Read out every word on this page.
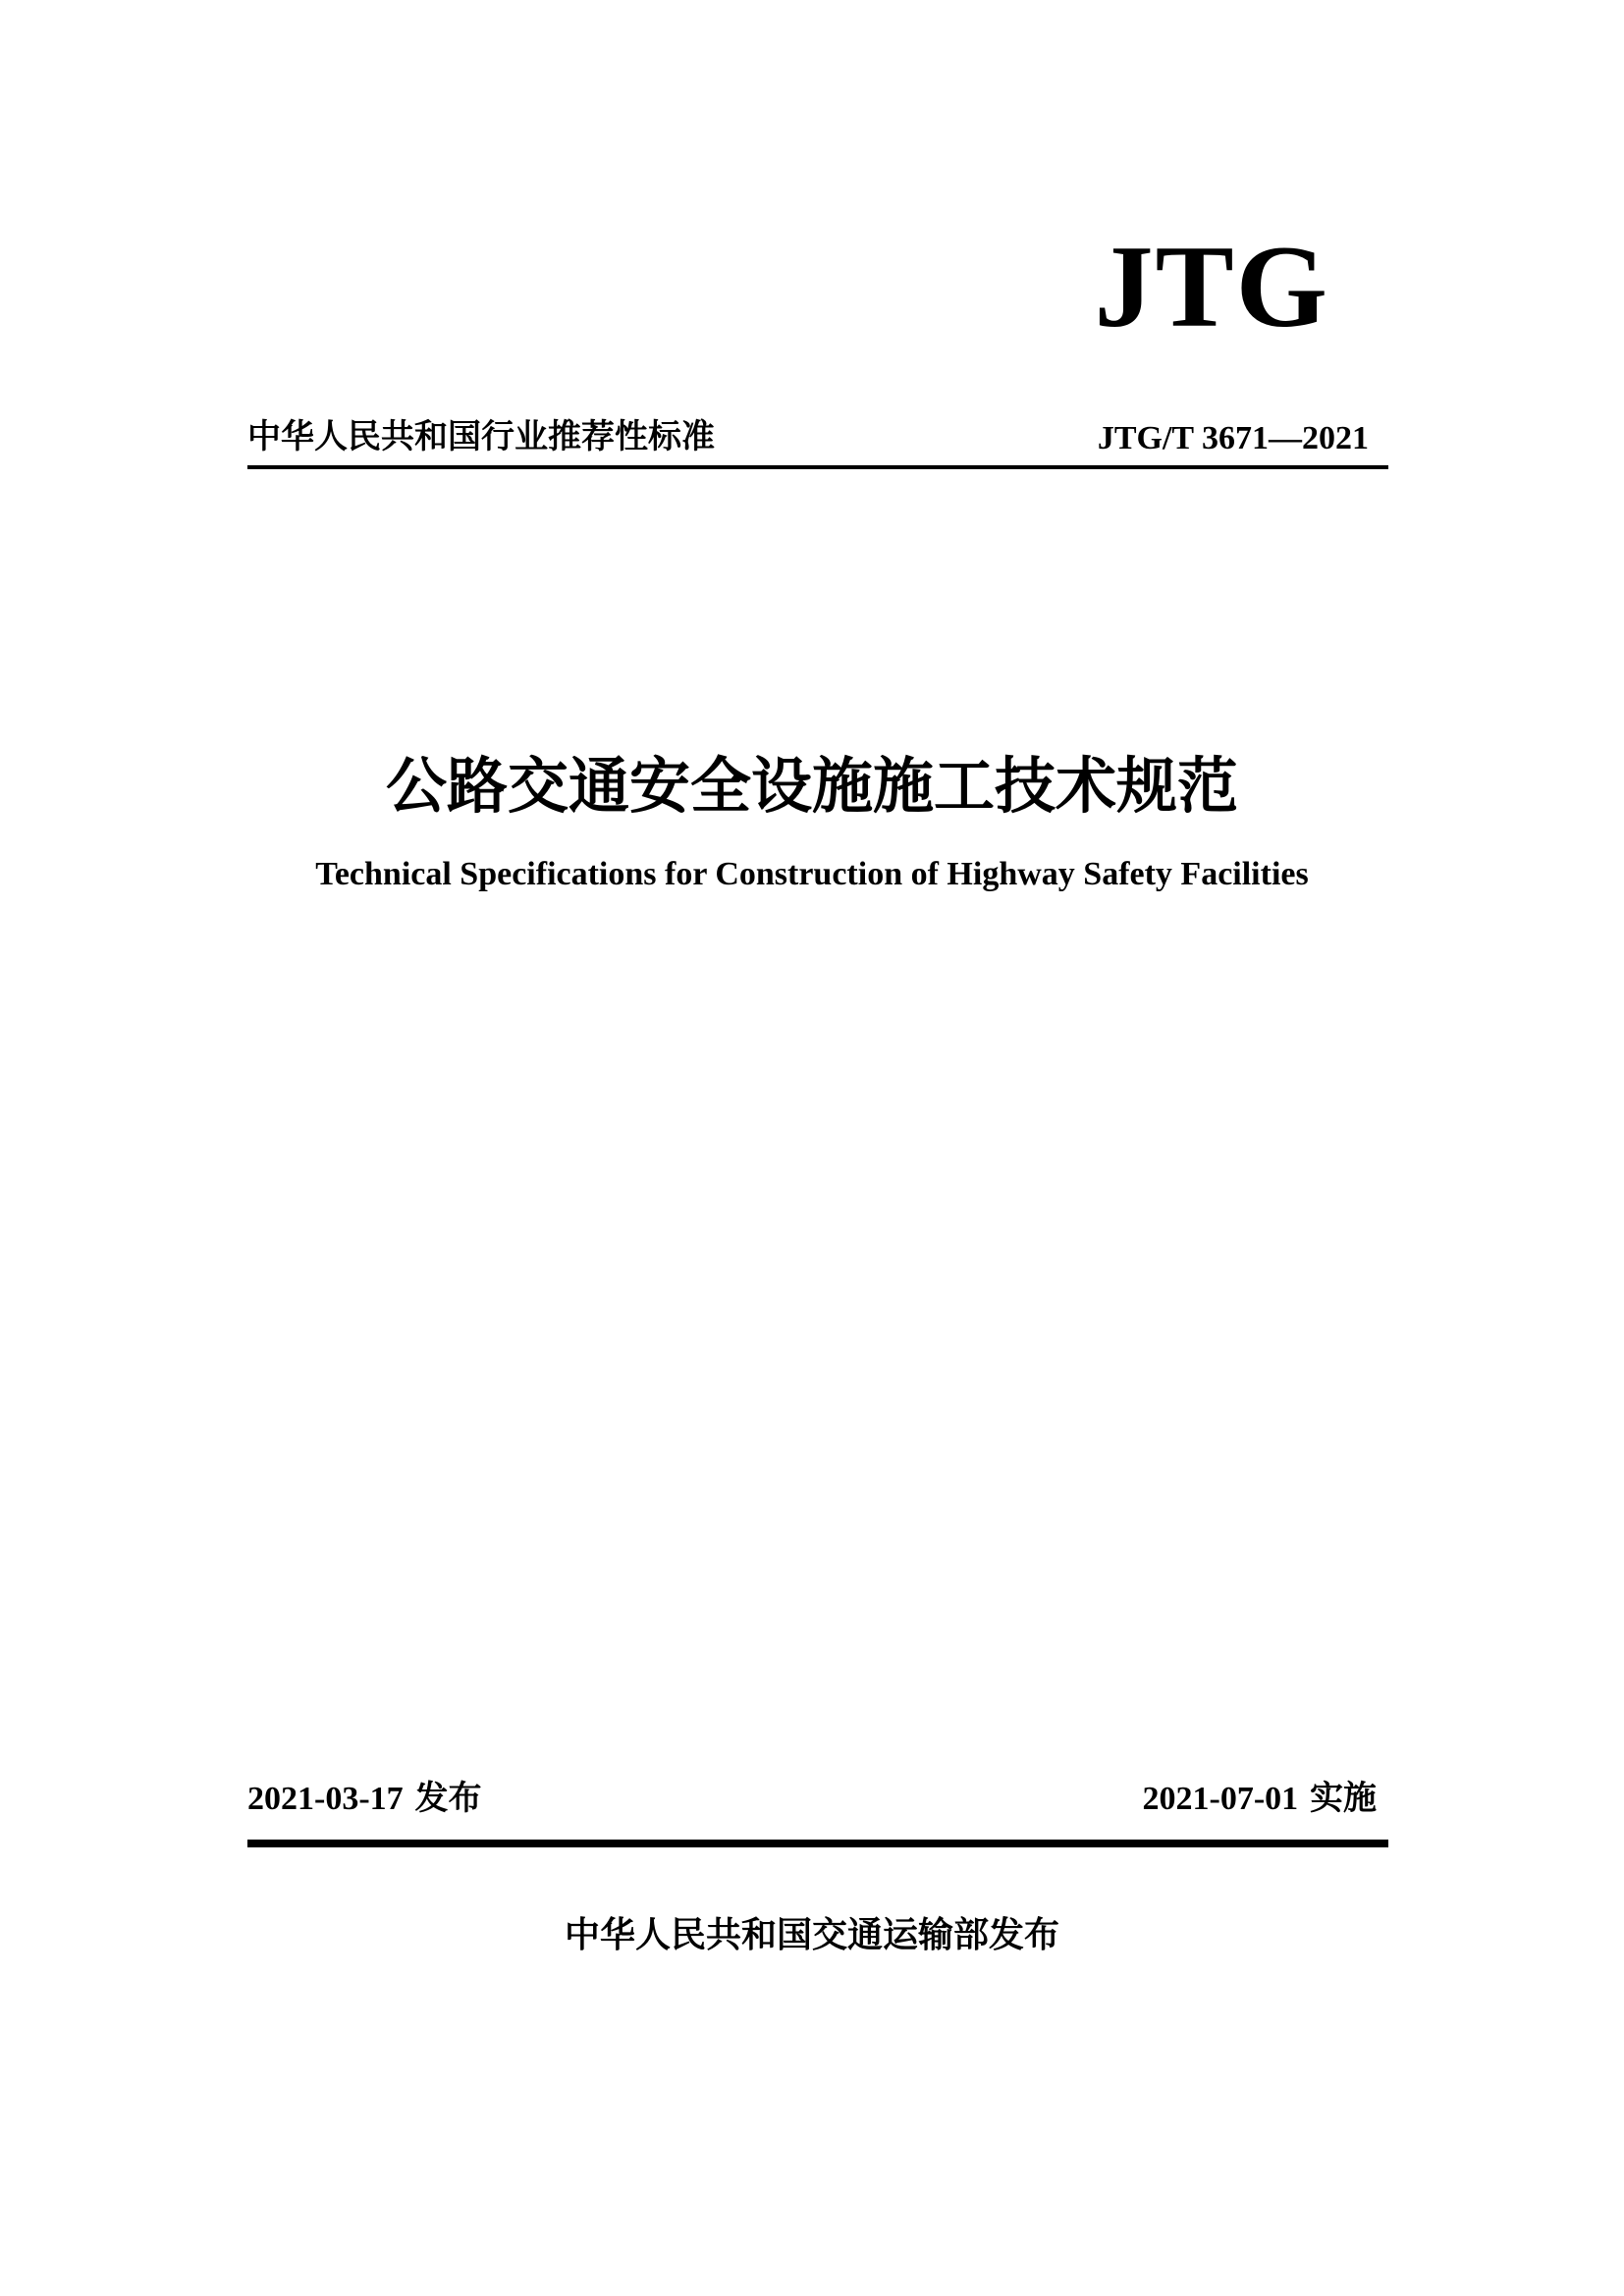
JTG
中华人民共和国行业推荐性标准	JTG/T 3671—2021
公路交通安全设施施工技术规范
Technical Specifications for Construction of Highway Safety Facilities
2021-03-17 发布	2021-07-01 实施
中华人民共和国交通运输部发布
